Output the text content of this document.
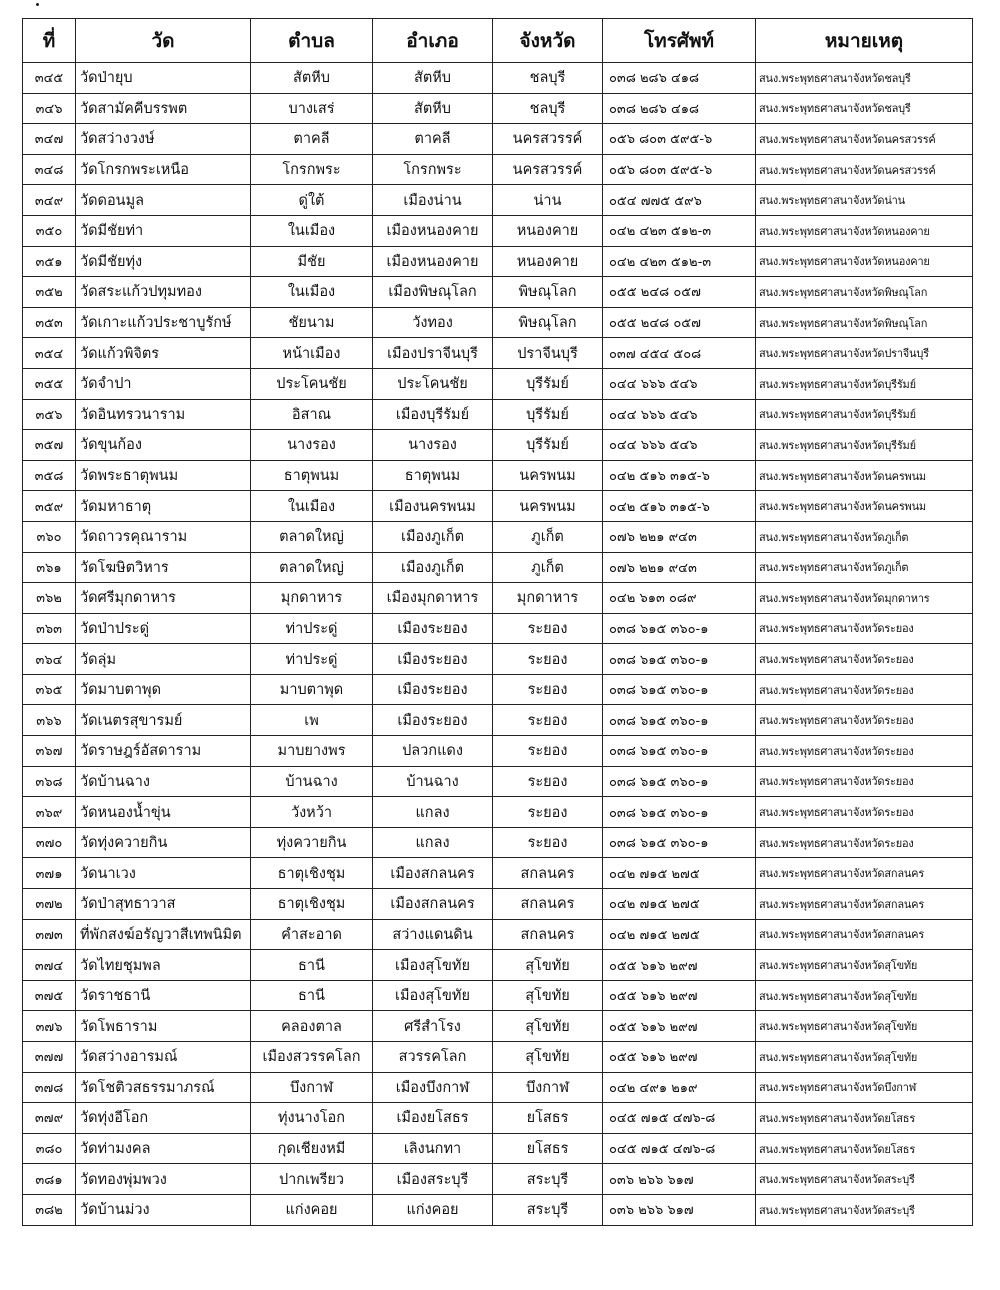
ที่	วัด	ตำบล	อำเภอ	จังหวัด	โทรศัพท์	หมายเหตุ
๓๔๕	วัดป่ายุบ	สัตหีบ	สัตหีบ	ชลบุรี	๐๓๘ ๒๘๖ ๔๑๘	สนง.พระพุทธศาสนาจังหวัดชลบุรี
๓๔๖	วัดสามัคคีบรรพต	บางเสร่	สัตหีบ	ชลบุรี	๐๓๘ ๒๘๖ ๔๑๘	สนง.พระพุทธศาสนาจังหวัดชลบุรี
๓๔๗	วัดสว่างวงษ์	ตาคลี	ตาคลี	นครสวรรค์	๐๕๖ ๘๐๓ ๕๙๕-๖	สนง.พระพุทธศาสนาจังหวัดนครสวรรค์
๓๔๘	วัดโกรกพระเหนือ	โกรกพระ	โกรกพระ	นครสวรรค์	๐๕๖ ๘๐๓ ๕๙๕-๖	สนง.พระพุทธศาสนาจังหวัดนครสวรรค์
๓๔๙	วัดดอนมูล	ดู่ใต้	เมืองน่าน	น่าน	๐๕๔ ๗๗๕ ๕๙๖	สนง.พระพุทธศาสนาจังหวัดน่าน
๓๕๐	วัดมีชัยท่า	ในเมือง	เมืองหนองคาย	หนองคาย	๐๔๒ ๔๒๓ ๕๑๒-๓	สนง.พระพุทธศาสนาจังหวัดหนองคาย
๓๕๑	วัดมีชัยทุ่ง	มีชัย	เมืองหนองคาย	หนองคาย	๐๔๒ ๔๒๓ ๕๑๒-๓	สนง.พระพุทธศาสนาจังหวัดหนองคาย
๓๕๒	วัดสระแก้วปทุมทอง	ในเมือง	เมืองพิษณุโลก	พิษณุโลก	๐๕๕ ๒๔๘ ๐๕๗	สนง.พระพุทธศาสนาจังหวัดพิษณุโลก
๓๕๓	วัดเกาะแก้วประชาบูรักษ์	ชัยนาม	วังทอง	พิษณุโลก	๐๕๕ ๒๔๘ ๐๕๗	สนง.พระพุทธศาสนาจังหวัดพิษณุโลก
๓๕๔	วัดแก้วพิจิตร	หน้าเมือง	เมืองปราจีนบุรี	ปราจีนบุรี	๐๓๗ ๔๕๔ ๕๐๘	สนง.พระพุทธศาสนาจังหวัดปราจีนบุรี
๓๕๕	วัดจำปา	ประโคนชัย	ประโคนชัย	บุรีรัมย์	๐๔๔ ๖๖๖ ๕๔๖	สนง.พระพุทธศาสนาจังหวัดบุรีรัมย์
๓๕๖	วัดอินทรวนาราม	อิสาณ	เมืองบุรีรัมย์	บุรีรัมย์	๐๔๔ ๖๖๖ ๕๔๖	สนง.พระพุทธศาสนาจังหวัดบุรีรัมย์
๓๕๗	วัดขุนก้อง	นางรอง	นางรอง	บุรีรัมย์	๐๔๔ ๖๖๖ ๕๔๖	สนง.พระพุทธศาสนาจังหวัดบุรีรัมย์
๓๕๘	วัดพระธาตุพนม	ธาตุพนม	ธาตุพนม	นครพนม	๐๔๒ ๕๑๖ ๓๑๕-๖	สนง.พระพุทธศาสนาจังหวัดนครพนม
๓๕๙	วัดมหาธาตุ	ในเมือง	เมืองนครพนม	นครพนม	๐๔๒ ๕๑๖ ๓๑๕-๖	สนง.พระพุทธศาสนาจังหวัดนครพนม
๓๖๐	วัดถาวรคุณาราม	ตลาดใหญ่	เมืองภูเก็ต	ภูเก็ต	๐๗๖ ๒๒๑ ๙๔๓	สนง.พระพุทธศาสนาจังหวัดภูเก็ต
๓๖๑	วัดโฆษิตวิหาร	ตลาดใหญ่	เมืองภูเก็ต	ภูเก็ต	๐๗๖ ๒๒๑ ๙๔๓	สนง.พระพุทธศาสนาจังหวัดภูเก็ต
๓๖๒	วัดศรีมุกดาหาร	มุกดาหาร	เมืองมุกดาหาร	มุกดาหาร	๐๔๒ ๖๑๓ ๐๘๙	สนง.พระพุทธศาสนาจังหวัดมุกดาหาร
๓๖๓	วัดป่าประดู่	ท่าประดู่	เมืองระยอง	ระยอง	๐๓๘ ๖๑๕ ๓๖๐-๑	สนง.พระพุทธศาสนาจังหวัดระยอง
๓๖๔	วัดลุ่ม	ท่าประดู่	เมืองระยอง	ระยอง	๐๓๘ ๖๑๕ ๓๖๐-๑	สนง.พระพุทธศาสนาจังหวัดระยอง
๓๖๕	วัดมาบตาพุด	มาบตาพุด	เมืองระยอง	ระยอง	๐๓๘ ๖๑๕ ๓๖๐-๑	สนง.พระพุทธศาสนาจังหวัดระยอง
๓๖๖	วัดเนตรสุขารมย์	เพ	เมืองระยอง	ระยอง	๐๓๘ ๖๑๕ ๓๖๐-๑	สนง.พระพุทธศาสนาจังหวัดระยอง
๓๖๗	วัดราษฎร์อัสดาราม	มาบยางพร	ปลวกแดง	ระยอง	๐๓๘ ๖๑๕ ๓๖๐-๑	สนง.พระพุทธศาสนาจังหวัดระยอง
๓๖๘	วัดบ้านฉาง	บ้านฉาง	บ้านฉาง	ระยอง	๐๓๘ ๖๑๕ ๓๖๐-๑	สนง.พระพุทธศาสนาจังหวัดระยอง
๓๖๙	วัดหนองน้ำขุ่น	วังหว้า	แกลง	ระยอง	๐๓๘ ๖๑๕ ๓๖๐-๑	สนง.พระพุทธศาสนาจังหวัดระยอง
๓๗๐	วัดทุ่งควายกิน	ทุ่งควายกิน	แกลง	ระยอง	๐๓๘ ๖๑๕ ๓๖๐-๑	สนง.พระพุทธศาสนาจังหวัดระยอง
๓๗๑	วัดนาเวง	ธาตุเชิงชุม	เมืองสกลนคร	สกลนคร	๐๔๒ ๗๑๕ ๒๗๕	สนง.พระพุทธศาสนาจังหวัดสกลนคร
๓๗๒	วัดป่าสุทธาวาส	ธาตุเชิงชุม	เมืองสกลนคร	สกลนคร	๐๔๒ ๗๑๕ ๒๗๕	สนง.พระพุทธศาสนาจังหวัดสกลนคร
๓๗๓	ที่พักสงฆ์อรัญวาสีเทพนิมิต	คำสะอาด	สว่างแดนดิน	สกลนคร	๐๔๒ ๗๑๕ ๒๗๕	สนง.พระพุทธศาสนาจังหวัดสกลนคร
๓๗๔	วัดไทยชุมพล	ธานี	เมืองสุโขทัย	สุโขทัย	๐๕๕ ๖๑๖ ๒๙๗	สนง.พระพุทธศาสนาจังหวัดสุโขทัย
๓๗๕	วัดราชธานี	ธานี	เมืองสุโขทัย	สุโขทัย	๐๕๕ ๖๑๖ ๒๙๗	สนง.พระพุทธศาสนาจังหวัดสุโขทัย
๓๗๖	วัดโพธาราม	คลองตาล	ศรีสำโรง	สุโขทัย	๐๕๕ ๖๑๖ ๒๙๗	สนง.พระพุทธศาสนาจังหวัดสุโขทัย
๓๗๗	วัดสว่างอารมณ์	เมืองสวรรคโลก	สวรรคโลก	สุโขทัย	๐๕๕ ๖๑๖ ๒๙๗	สนง.พระพุทธศาสนาจังหวัดสุโขทัย
๓๗๘	วัดโชติวสธรรมาภรณ์	บึงกาฬ	เมืองบึงกาฬ	บึงกาฬ	๐๔๒ ๔๙๑ ๒๑๙	สนง.พระพุทธศาสนาจังหวัดบึงกาฬ
๓๗๙	วัดทุ่งอีโอก	ทุ่งนางโอก	เมืองยโสธร	ยโสธร	๐๔๕ ๗๑๕ ๔๗๖-๘	สนง.พระพุทธศาสนาจังหวัดยโสธร
๓๘๐	วัดท่ามงคล	กุดเชียงหมี	เลิงนกทา	ยโสธร	๐๔๕ ๗๑๕ ๔๗๖-๘	สนง.พระพุทธศาสนาจังหวัดยโสธร
๓๘๑	วัดทองพุ่มพวง	ปากเพรียว	เมืองสระบุรี	สระบุรี	๐๓๖ ๒๖๖ ๖๑๗	สนง.พระพุทธศาสนาจังหวัดสระบุรี
๓๘๒	วัดบ้านม่วง	แก่งคอย	แก่งคอย	สระบุรี	๐๓๖ ๒๖๖ ๖๑๗	สนง.พระพุทธศาสนาจังหวัดสระบุรี
